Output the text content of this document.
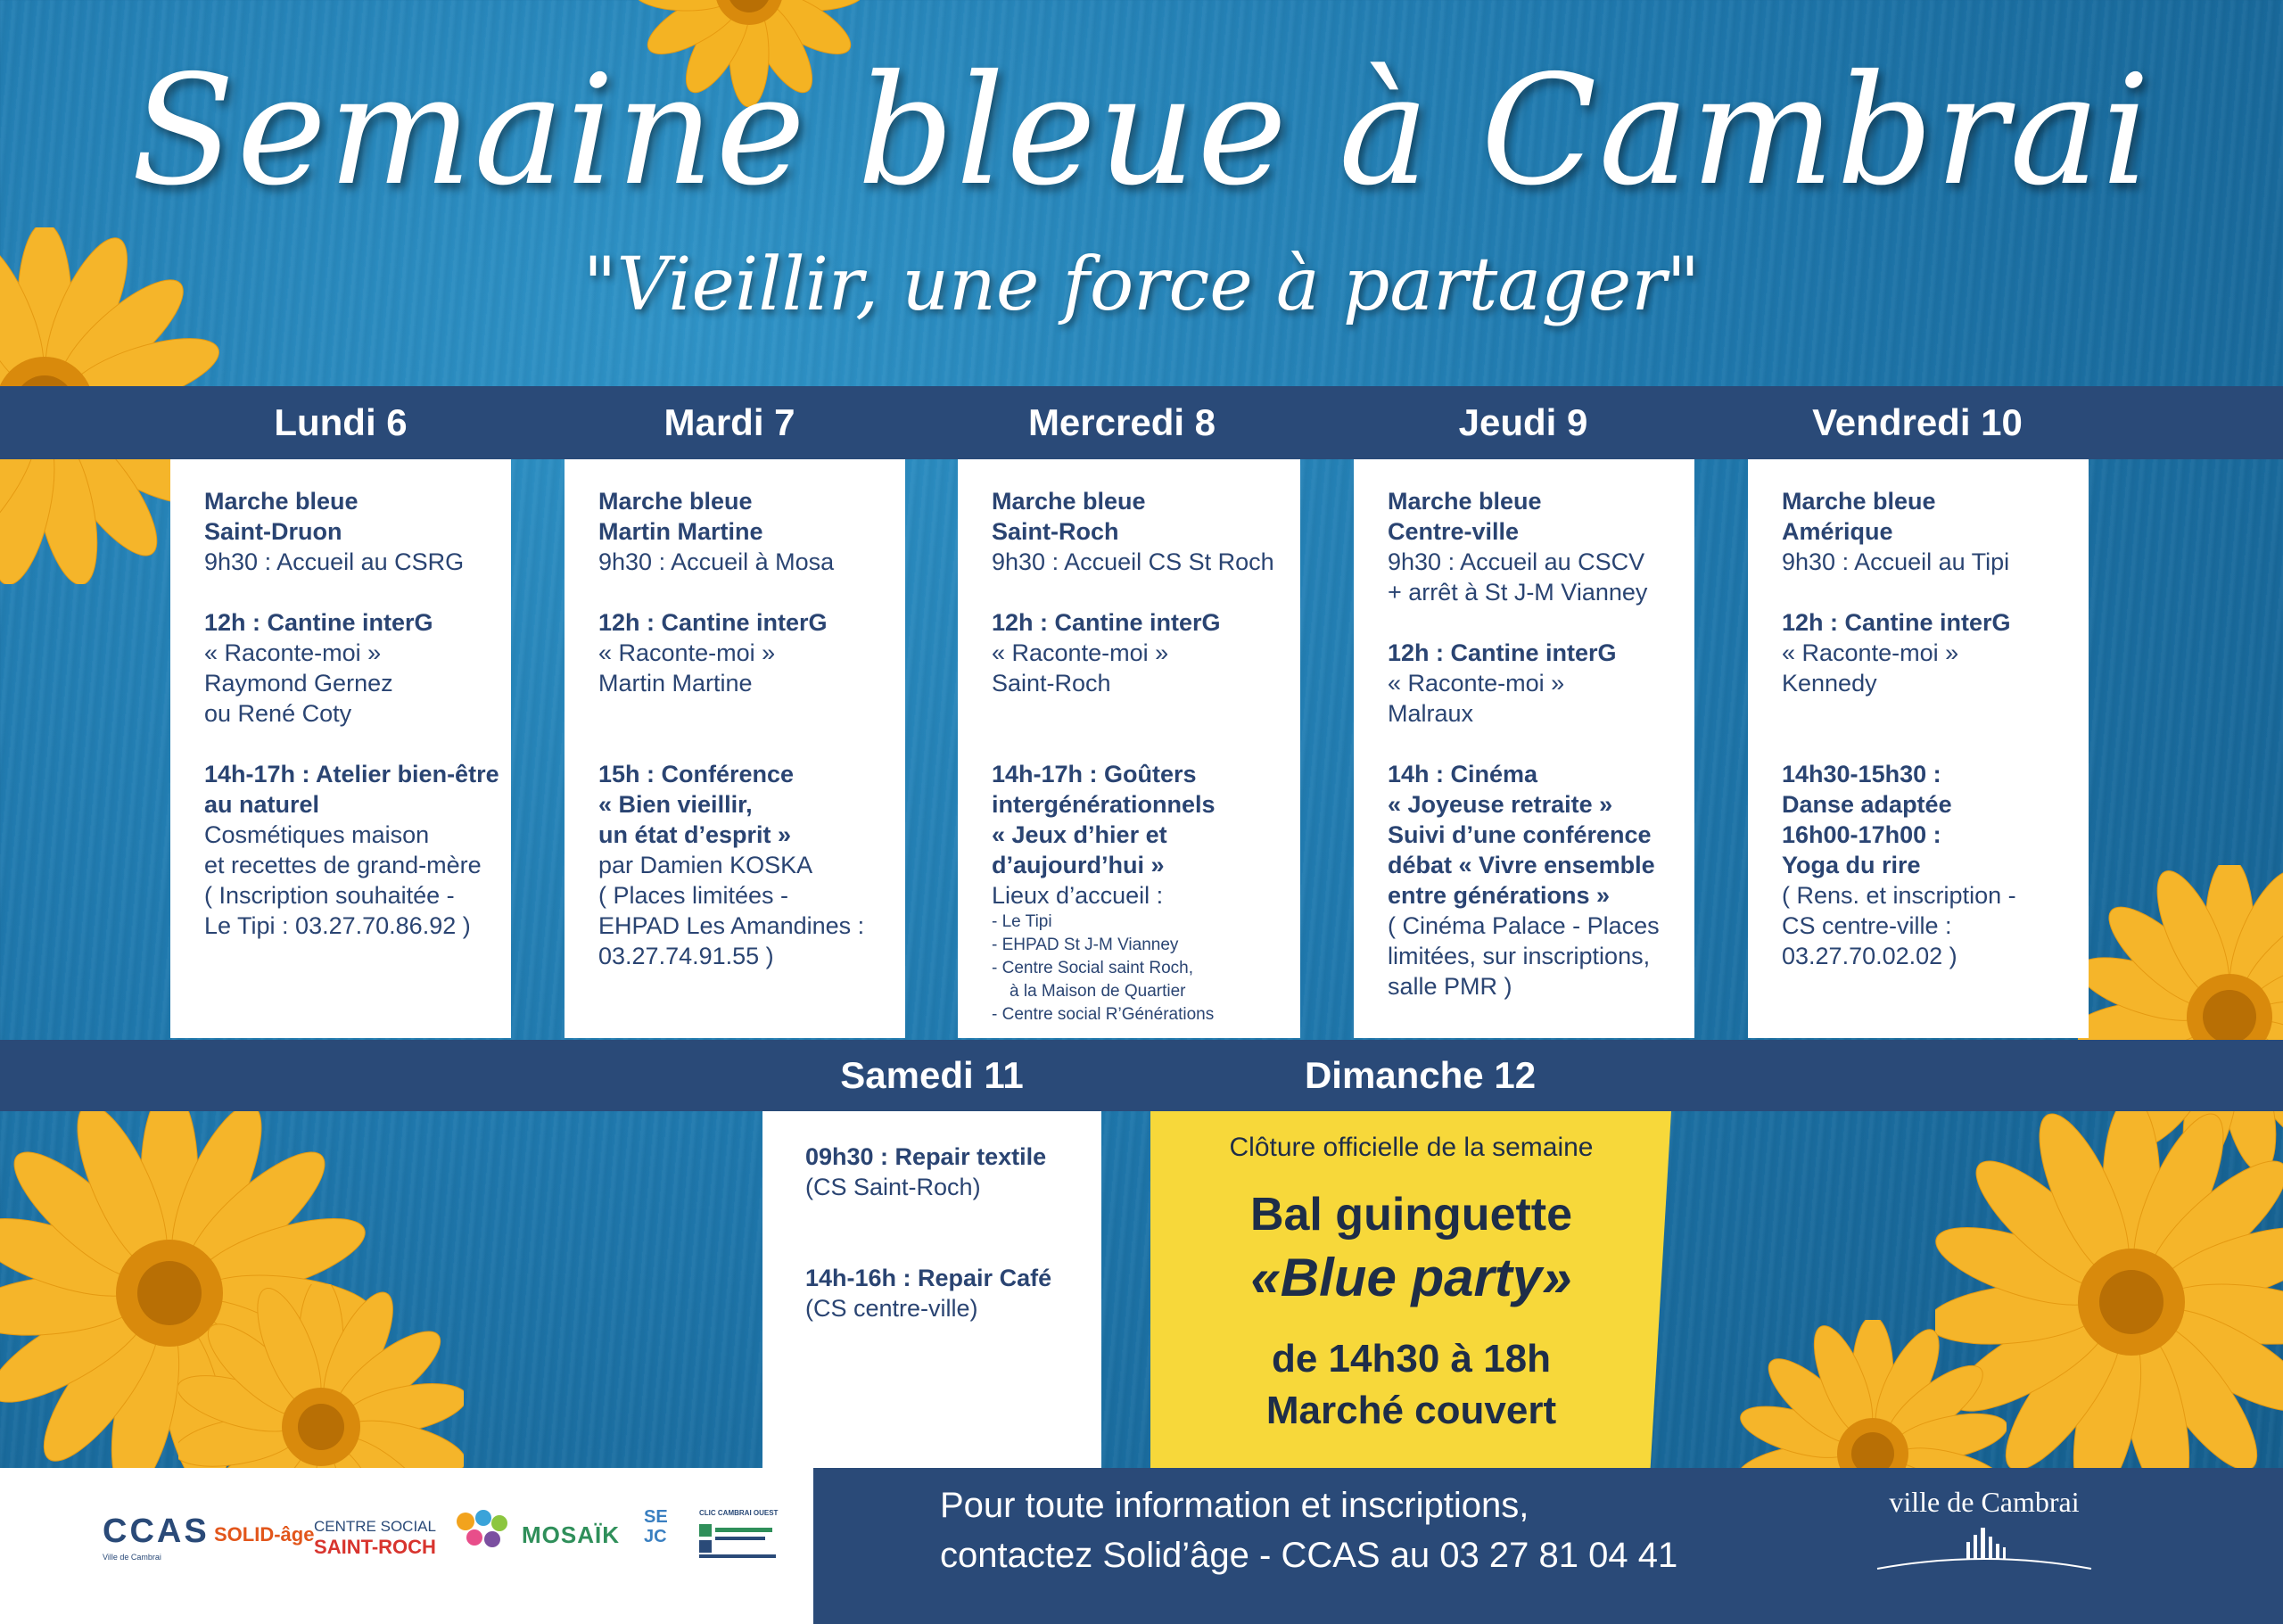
Semaine bleue à Cambrai
"Vieillir, une force à partager"
Lundi 6	Mardi 7	Mercredi 8	Jeudi 9	Vendredi 10

Marche bleue

Saint-Druon

9h30 : Accueil au CSRG

12h : Cantine interG

« Raconte-moi »

Raymond Gernez

ou René Coty

14h-17h : Atelier bien-être

au naturel

Cosmétiques maison

et recettes de grand-mère

( Inscription souhaitée -

Le Tipi : 03.27.70.86.92 )

Marche bleue

Martin Martine

9h30 : Accueil à Mosa

12h : Cantine interG

« Raconte-moi »

Martin Martine

15h : Conférence

« Bien vieillir,

un état d’esprit »

par Damien KOSKA

( Places limitées -

EHPAD Les Amandines :

03.27.74.91.55 )

Marche bleue

Saint-Roch

9h30 : Accueil CS St Roch

12h : Cantine interG

« Raconte-moi »

Saint-Roch

14h-17h : Goûters

intergénérationnels

« Jeux d’hier et

d’aujourd’hui »

Lieux d’accueil :

- Le Tipi

- EHPAD St J-M Vianney

- Centre Social saint Roch,

à la Maison de Quartier

- Centre social R’Générations

Marche bleue

Centre-ville

9h30 : Accueil au CSCV

+ arrêt à St J-M Vianney

12h : Cantine interG

« Raconte-moi »

Malraux

14h : Cinéma

« Joyeuse retraite »

Suivi d’une conférence

débat « Vivre ensemble

entre générations »

( Cinéma Palace - Places

limitées, sur inscriptions,

salle PMR )

Marche bleue

Amérique

9h30 : Accueil au Tipi

12h : Cantine interG

« Raconte-moi »

Kennedy

14h30-15h30 :

Danse adaptée

16h00-17h00 :

Yoga du rire

( Rens. et inscription -

CS centre-ville :

03.27.70.02.02 )

Samedi 11	Dimanche 12

09h30 : Repair textile

(CS Saint-Roch)

14h-16h : Repair Café

(CS centre-ville)

Clôture officielle de la semaine
Bal guinguette
«Blue party»
de 14h30 à 18h
Marché couvert
CCAS
Ville de Cambrai
SOLID-âge CENTRE SOCIAL
SAINT-ROCH	MOSAÏK
SEJC
CLIC CAMBRAI OUEST	Pour toute information et inscriptions,
contactez Solid’âge - CCAS au 03 27 81 04 41
ville de Cambrai
